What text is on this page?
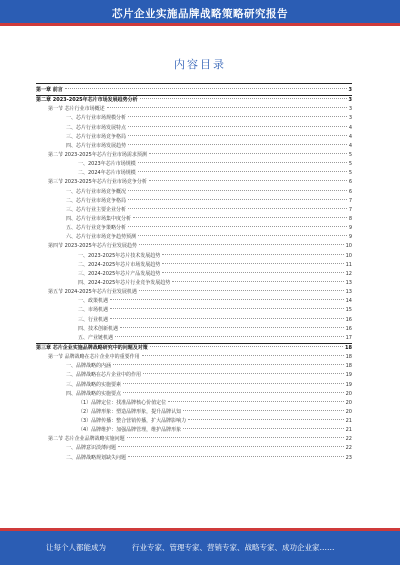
芯片企业实施品牌战略策略研究报告
内容目录
第一章 前言	3
第二章 2023-2025年芯片市场发展趋势分析	3
第一节 芯片行业市场概述	3
一、芯片行业市场规模分析	3
二、芯片行业市场发展特点	4
三、芯片行业市场竞争格局	4
四、芯片行业市场发展趋势	4
第二节 2023-2025年芯片行业市场需求预测	5
一、2023年芯片市场规模	5
二、2024年芯片市场规模	5
第三节 2023-2025年芯片行业市场竞争分析	6
一、芯片行业市场竞争概况	6
二、芯片行业市场竞争格局	7
三、芯片行业主要企业分析	7
四、芯片行业市场集中度分析	8
五、芯片行业竞争策略分析	9
六、芯片行业市场竞争趋势预测	9
第四节 2023-2025年芯片行业发展趋势	10
一、2023-2025年芯片技术发展趋势	10
二、2024-2025年芯片市场发展趋势	11
三、2024-2025年芯片产品发展趋势	12
四、2024-2025年芯片行业竞争发展趋势	13
第五节 2024-2025年芯片行业发展机遇	13
一、政策机遇	14
二、市场机遇	15
三、行业机遇	16
四、技术创新机遇	16
五、产业链机遇	17
第三章 芯片企业实施品牌战略研究中的问题及对策	18
第一节 品牌战略在芯片企业中的重要作用	18
一、品牌战略的内涵	18
二、品牌战略在芯片企业中的作用	19
三、品牌战略的实施要素	19
四、品牌战略的实施要点	20
（1）品牌定位：找准品牌核心价值定位	20
（2）品牌形象：塑造品牌形象，提升品牌认知	20
（3）品牌传播：整合营销传播，扩大品牌影响力	21
（4）品牌维护：加强品牌管理，维护品牌形象	21
第二节 芯片企业品牌战略实施问题	22
一、品牌意识淡薄问题	22
二、品牌战略规划缺失问题	23
让每个人都能成为	行业专家、管理专家、营销专家、战略专家、成功企业家……
